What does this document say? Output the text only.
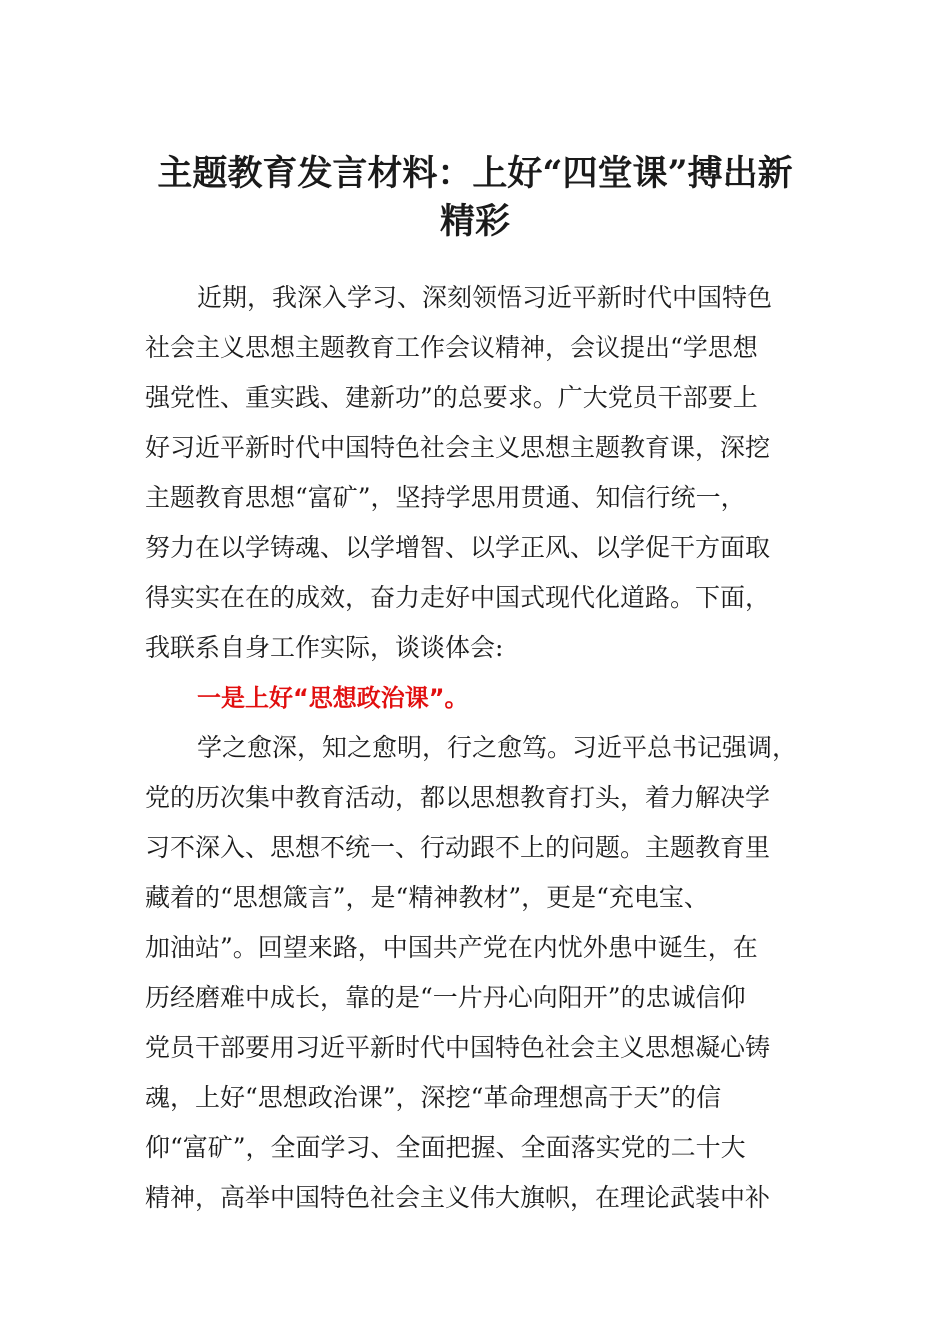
主题教育发言材料：上好“四堂课”搏出新精彩

近期，我深入学习、深刻领悟习近平新时代中国特色

社会主义思想主题教育工作会议精神，会议提出“学思想

强党性、重实践、建新功”的总要求。广大党员干部要上

好习近平新时代中国特色社会主义思想主题教育课，深挖

主题教育思想“富矿”，坚持学思用贯通、知信行统一，

努力在以学铸魂、以学增智、以学正风、以学促干方面取

得实实在在的成效，奋力走好中国式现代化道路。下面，

我联系自身工作实际，谈谈体会:

一是上好“思想政治课”。

学之愈深，知之愈明，行之愈笃。习近平总书记强调，

党的历次集中教育活动，都以思想教育打头，着力解决学

习不深入、思想不统一、行动跟不上的问题。主题教育里

藏着的“思想箴言”，是“精神教材”，更是“充电宝、

加油站”。回望来路，中国共产党在内忧外患中诞生，在

历经磨难中成长，靠的是“一片丹心向阳开”的忠诚信仰

党员干部要用习近平新时代中国特色社会主义思想凝心铸

魂，上好“思想政治课”，深挖“革命理想高于天”的信

仰“富矿”，全面学习、全面把握、全面落实党的二十大

精神，高举中国特色社会主义伟大旗帜，在理论武装中补
